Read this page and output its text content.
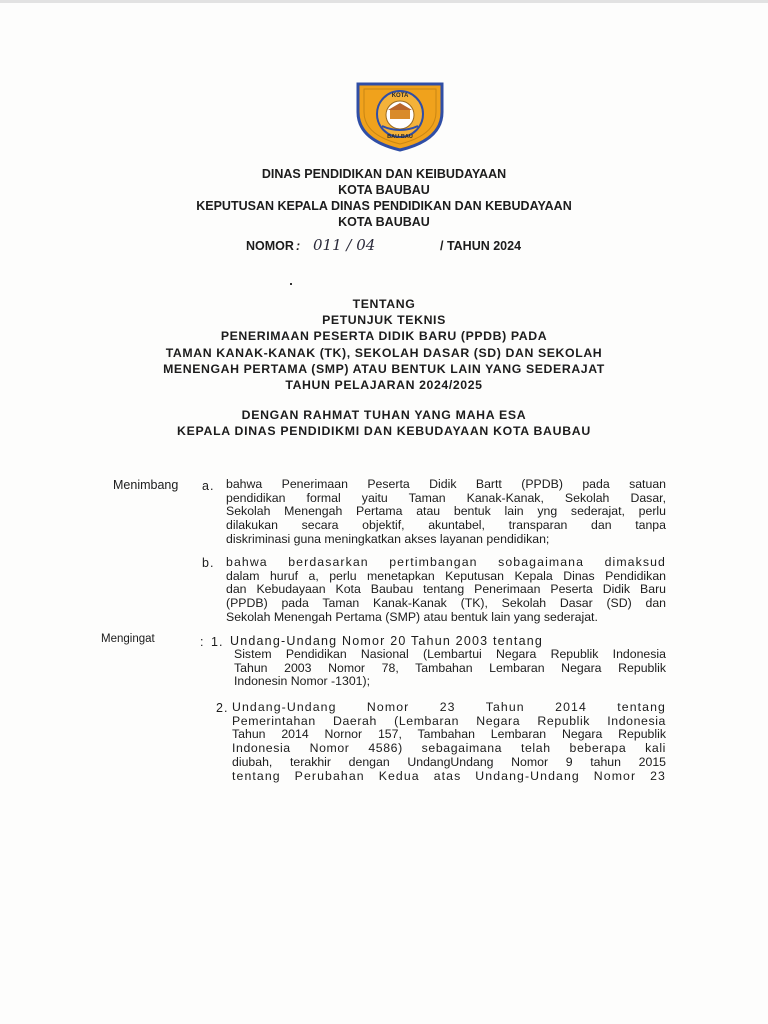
KOTA
BAU-BAU
DINAS PENDIDIKAN DAN KEIBUDAYAAN
KOTA BAUBAU
KEPUTUSAN KEPALA DINAS PENDIDIKAN DAN KEBUDAYAAN
KOTA BAUBAU
NOMOR : 011 / 04	/ TAHUN 2024
TENTANG
PETUNJUK TEKNIS
PENERIMAAN PESERTA DIDIK BARU (PPDB) PADA
TAMAN KANAK-KANAK (TK), SEKOLAH DASAR (SD) DAN SEKOLAH
MENENGAH PERTAMA (SMP) ATAU BENTUK LAIN YANG SEDERAJAT
TAHUN PELAJARAN 2024/2025
DENGAN RAHMAT TUHAN YANG MAHA ESA
KEPALA DINAS PENDIDIKMI DAN KEBUDAYAAN KOTA BAUBAU
Menimbang a. bahwa Penerimaan Peserta Didik Bartt (PPDB) pada satuan
pendidikan formal yaitu Taman Kanak-Kanak, Sekolah Dasar,
Sekolah Menengah Pertama atau bentuk lain yng sederajat, perlu
dilakukan secara objektif, akuntabel, transparan dan tanpa
diskriminasi guna meningkatkan akses layanan pendidikan;
b. bahwa berdasarkan pertimbangan sobagaimana dimaksud
dalam huruf a, perlu menetapkan Keputusan Kepala Dinas Pendidikan
dan Kebudayaan Kota Baubau tentang Penerimaan Peserta Didik Baru
(PPDB) pada Taman Kanak-Kanak (TK), Sekolah Dasar (SD) dan
Sekolah Menengah Pertama (SMP) atau bentuk lain yang sederajat.
Mengingat	: 1. Undang-Undang Nomor 20 Tahun 2003 tentang
Sistem Pendidikan Nasional (Lembartui Negara Republik Indonesia
Tahun 2003 Nomor 78, Tambahan Lembaran Negara Republik
Indonesin Nomor -1301);
2. Undang-Undang Nomor 23 Tahun 2014 tentang
Pemerintahan Daerah (Lembaran Negara Republik Indonesia
Tahun 2014 Nornor 157, Tambahan Lembaran Negara Republik
Indonesia Nomor 4586) sebagaimana telah beberapa kali
diubah, terakhir dengan UndangUndang Nomor 9 tahun 2015
tentang Perubahan Kedua atas Undang-Undang Nomor 23
